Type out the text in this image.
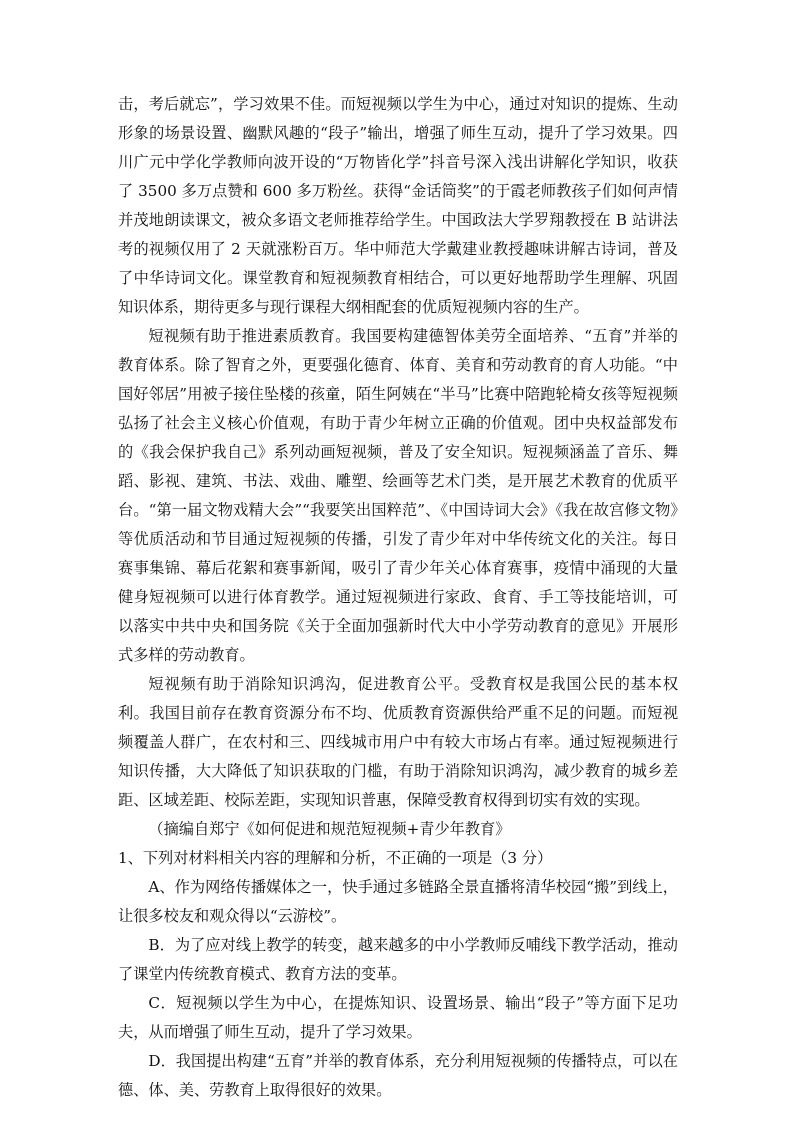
击，考后就忘”，学习效果不佳。而短视频以学生为中心，通过对知识的提炼、生动形象的场景设置、幽默风趣的“段子”输出，增强了师生互动，提升了学习效果。四川广元中学化学教师向波开设的“万物皆化学”抖音号深入浅出讲解化学知识，收获了 3500 多万点赞和 600 多万粉丝。获得“金话筒奖”的于霞老师教孩子们如何声情并茂地朗读课文，被众多语文老师推荐给学生。中国政法大学罗翔教授在 B 站讲法考的视频仅用了 2 天就涨粉百万。华中师范大学戴建业教授趣味讲解古诗词，普及了中华诗词文化。课堂教育和短视频教育相结合，可以更好地帮助学生理解、巩固知识体系，期待更多与现行课程大纲相配套的优质短视频内容的生产。

短视频有助于推进素质教育。我国要构建德智体美劳全面培养、“五育”并举的教育体系。除了智育之外，更要强化德育、体育、美育和劳动教育的育人功能。“中国好邻居”用被子接住坠楼的孩童，陌生阿姨在“半马”比赛中陪跑轮椅女孩等短视频弘扬了社会主义核心价值观，有助于青少年树立正确的价值观。团中央权益部发布的《我会保护我自己》系列动画短视频，普及了安全知识。短视频涵盖了音乐、舞蹈、影视、建筑、书法、戏曲、雕塑、绘画等艺术门类，是开展艺术教育的优质平台。“第一届文物戏精大会”“我要笑出国粹范”、《中国诗词大会》《我在故宫修文物》等优质活动和节目通过短视频的传播，引发了青少年对中华传统文化的关注。每日赛事集锦、幕后花絮和赛事新闻，吸引了青少年关心体育赛事，疫情中涌现的大量健身短视频可以进行体育教学。通过短视频进行家政、食育、手工等技能培训，可以落实中共中央和国务院《关于全面加强新时代大中小学劳动教育的意见》开展形式多样的劳动教育。

短视频有助于消除知识鸿沟，促进教育公平。受教育权是我国公民的基本权利。我国目前存在教育资源分布不均、优质教育资源供给严重不足的问题。而短视频覆盖人群广，在农村和三、四线城市用户中有较大市场占有率。通过短视频进行知识传播，大大降低了知识获取的门槛，有助于消除知识鸿沟，减少教育的城乡差距、区域差距、校际差距，实现知识普惠，保障受教育权得到切实有效的实现。

（摘编自郑宁《如何促进和规范短视频+青少年教育》

1、下列对材料相关内容的理解和分析，不正确的一项是（3 分）

A、作为网络传播媒体之一，快手通过多链路全景直播将清华校园“搬”到线上，让很多校友和观众得以“云游校”。

B．为了应对线上教学的转变，越来越多的中小学教师反哺线下教学活动，推动了课堂内传统教育模式、教育方法的变革。

C．短视频以学生为中心，在提炼知识、设置场景、输出“段子”等方面下足功夫，从而增强了师生互动，提升了学习效果。

D．我国提出构建“五育”并举的教育体系，充分利用短视频的传播特点，可以在德、体、美、劳教育上取得很好的效果。
